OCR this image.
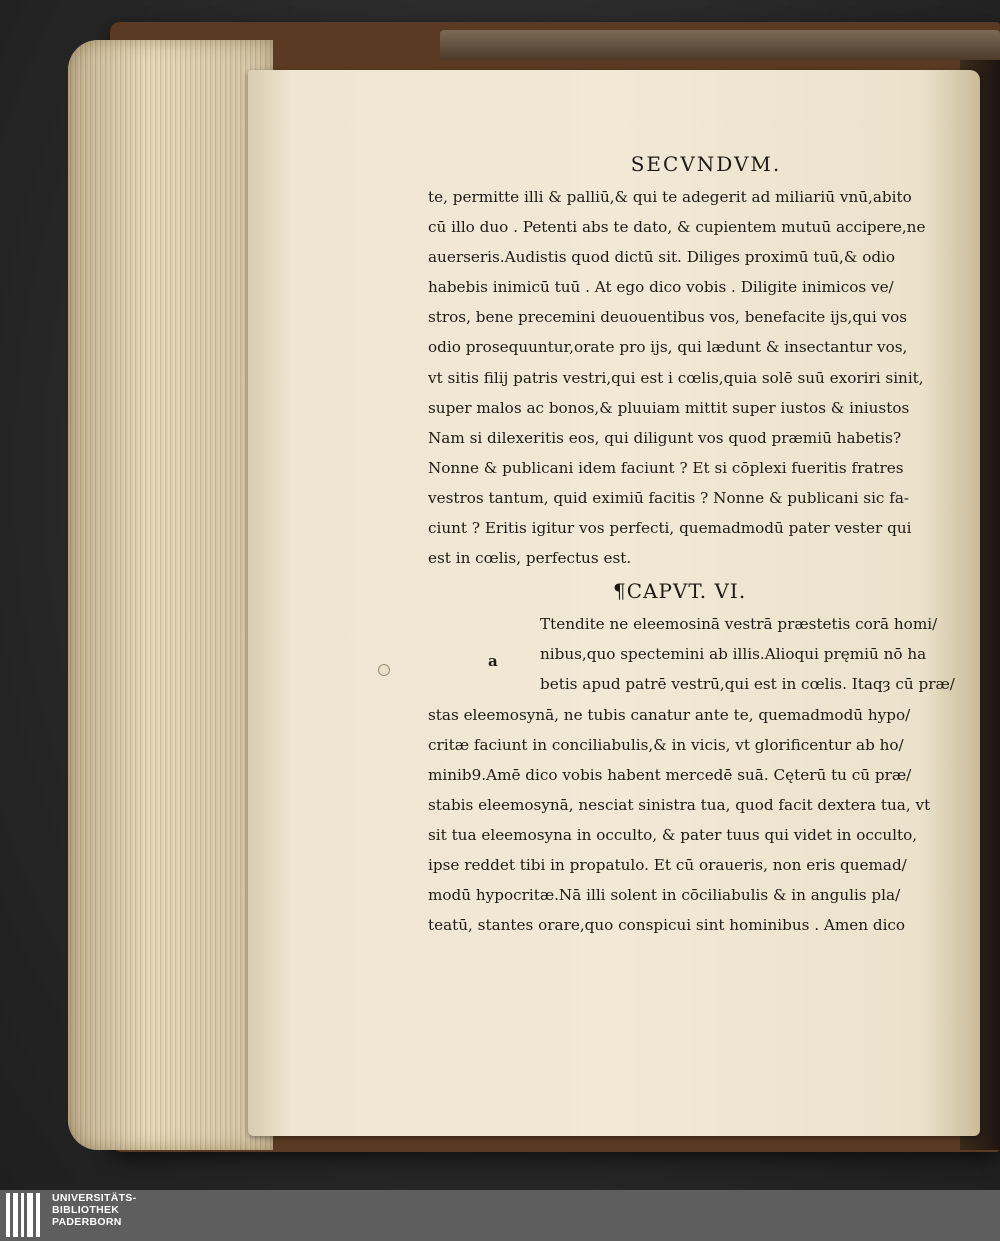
SECVNDVM.
te, permitte illi & palliū,& qui te adegerit ad miliariū vnū,abito
cū illo duo . Petenti abs te dato, & cupientem mutuū accipere,ne
auerseris.Audistis quod dictū sit. Diliges proximū tuū,& odio
habebis inimicū tuū . At ego dico vobis . Diligite inimicos ve/
stros, bene precemini deuouentibus vos, benefacite ijs,qui vos
odio prosequuntur,orate pro ijs, qui lædunt & insectantur vos,
vt sitis filij patris vestri,qui est i cœlis,quia solē suū exoriri sinit,
super malos ac bonos,& pluuiam mittit super iustos & iniustos
Nam si dilexeritis eos, qui diligunt vos quod præmiū habetis?
Nonne & publicani idem faciunt ? Et si cōplexi fueritis fratres
vestros tantum, quid eximiū facitis ? Nonne & publicani sic fa-
ciunt ? Eritis igitur vos perfecti, quemadmodū pater vester qui
est in cœlis, perfectus est.
¶CAPVT. VI.
Ttendite ne eleemosinā vestrā præstetis corā homi/
nibus,quo spectemini ab illis.Alioqui pręmiū nō ha
betis apud patrē vestrū,qui est in cœlis. Itaqȝ cū præ/
stas eleemosynā, ne tubis canatur ante te, quemadmodū hypo/
critæ faciunt in conciliabulis,& in vicis, vt glorificentur ab ho/
minib9.Amē dico vobis habent mercedē suā. Cęterū tu cū præ/
stabis eleemosynā, nesciat sinistra tua, quod facit dextera tua, vt
sit tua eleemosyna in occulto, & pater tuus qui videt in occulto,
ipse reddet tibi in propatulo. Et cū oraueris, non eris quemad/
modū hypocritæ.Nā illi solent in cōciliabulis & in angulis pla/
teatū, stantes orare,quo conspicui sint hominibus . Amen dico
a
UNIVERSITÄTS-
BIBLIOTHEK
PADERBORN
